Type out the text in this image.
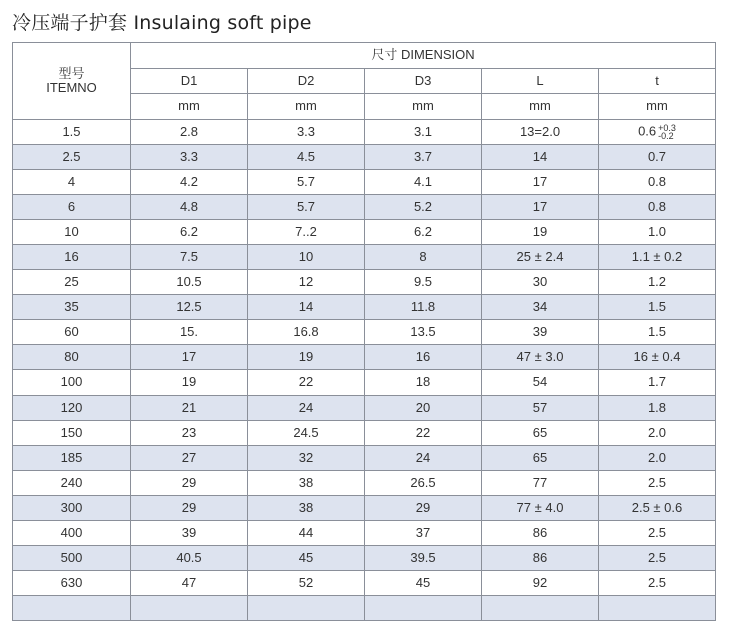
冷压端子护套 Insulaing soft pipe
型号
ITEMNO	尺寸 DIMENSION				
	D1	D2	D3	L	t
	mm	mm	mm	mm	mm
1.5	2.8	3.3	3.1	13=2.0	0.6 +0.3
-0.2

2.5	3.3	4.5	3.7	14	0.7
4	4.2	5.7	4.1	17	0.8
6	4.8	5.7	5.2	17	0.8
10	6.2	7..2	6.2	19	1.0
16	7.5	10	8	25 ± 2.4	1.1 ± 0.2
25	10.5	12	9.5	30	1.2
35	12.5	14	11.8	34	1.5
60	15.	16.8	13.5	39	1.5
80	17	19	16	47 ± 3.0	16 ± 0.4
100	19	22	18	54	1.7
120	21	24	20	57	1.8
150	23	24.5	22	65	2.0
185	27	32	24	65	2.0
240	29	38	26.5	77	2.5
300	29	38	29	77 ± 4.0	2.5 ± 0.6
400	39	44	37	86	2.5
500	40.5	45	39.5	86	2.5
630	47	52	45	92	2.5
